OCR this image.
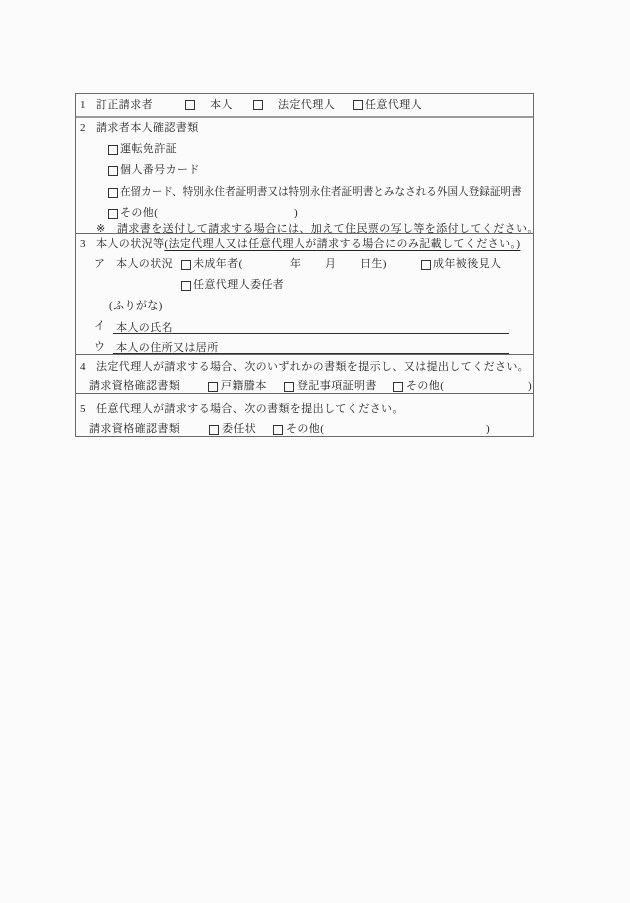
1 訂正請求者	本人	法定代理人	任意代理人
2 請求者本人確認書類
運転免許証
個人番号カード
在留カード、特別永住者証明書又は特別永住者証明書とみなされる外国人登録証明書
その他(	)
※ 請求書を送付して請求する場合には、加えて住民票の写し等を添付してください。
3 本人の状況等(法定代理人又は任意代理人が請求する場合にのみ記載してください。)
ア 本人の状況 未成年者(	年 月 日生)	成年被後見人
任意代理人委任者
(ふりがな)
イ 本人の氏名
ウ 本人の住所又は居所
4 法定代理人が請求する場合、次のいずれかの書類を提示し、又は提出してください。
請求資格確認書類	戸籍謄本	登記事項証明書	その他(	)
5 任意代理人が請求する場合、次の書類を提出してください。
請求資格確認書類	委任状	その他(	)
